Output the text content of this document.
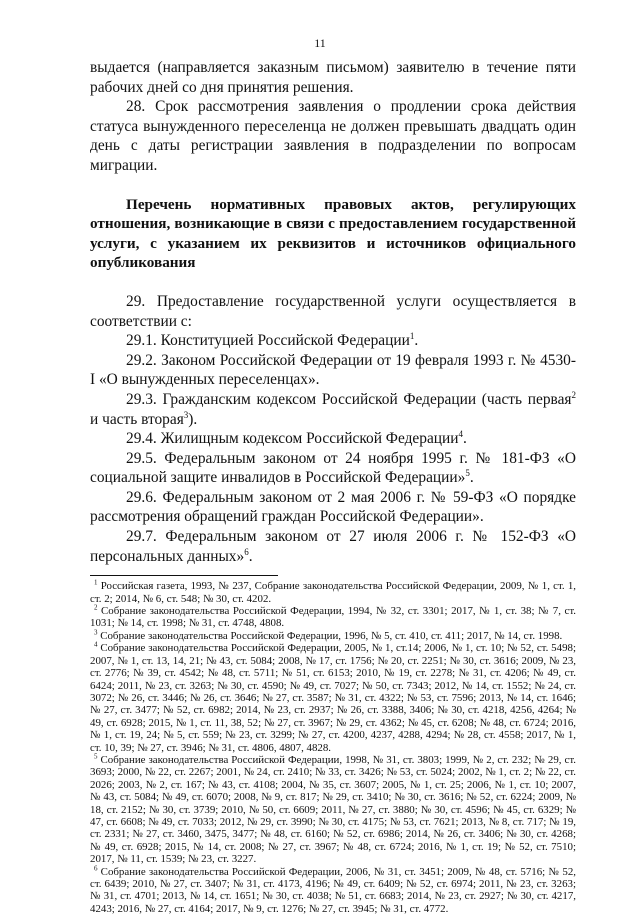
11

выдается (направляется заказным письмом) заявителю в течение пяти рабочих дней со дня принятия решения.

28. Срок рассмотрения заявления о продлении срока действия статуса вынужденного переселенца не должен превышать двадцать один день с даты регистрации заявления в подразделении по вопросам миграции.

Перечень нормативных правовых актов, регулирующих отношения, возникающие в связи с предоставлением государственной услуги, с указанием их реквизитов и источников официального опубликования

29. Предоставление государственной услуги осуществляется в соответствии с:

29.1. Конституцией Российской Федерации$^1$.

29.2. Законом Российской Федерации от 19 февраля 1993 г. № 4530-I «О вынужденных переселенцах».

29.3. Гражданским кодексом Российской Федерации (часть первая$^2$ и часть вторая$^3$).

29.4. Жилищным кодексом Российской Федерации$^4$.

29.5. Федеральным законом от 24 ноября 1995 г. № 181-ФЗ «О социальной защите инвалидов в Российской Федерации»$^5$.

29.6. Федеральным законом от 2 мая 2006 г. № 59-ФЗ «О порядке рассмотрения обращений граждан Российской Федерации».

29.7. Федеральным законом от 27 июля 2006 г. № 152-ФЗ «О персональных данных»$^6$.

$^1$ Российская газета, 1993, № 237, Собрание законодательства Российской Федерации, 2009, № 1, ст. 1, ст. 2; 2014, № 6, ст. 548; № 30, ст. 4202.

$^2$ Собрание законодательства Российской Федерации, 1994, № 32, ст. 3301; 2017, № 1, ст. 38; № 7, ст. 1031; № 14, ст. 1998; № 31, ст. 4748, 4808.

$^3$ Собрание законодательства Российской Федерации, 1996, № 5, ст. 410, ст. 411; 2017, № 14, ст. 1998.

$^4$ Собрание законодательства Российской Федерации, 2005, № 1, ст.14; 2006, № 1, ст. 10; № 52, ст. 5498; 2007, № 1, ст. 13, 14, 21; № 43, ст. 5084; 2008, № 17, ст. 1756; № 20, ст. 2251; № 30, ст. 3616; 2009, № 23, ст. 2776; № 39, ст. 4542; № 48, ст. 5711; № 51, ст. 6153; 2010, № 19, ст. 2278; № 31, ст. 4206; № 49, ст. 6424; 2011, № 23, ст. 3263; № 30, ст. 4590; № 49, ст. 7027; № 50, ст. 7343; 2012, № 14, ст. 1552; № 24, ст. 3072; № 26, ст. 3446; № 26, ст. 3646; № 27, ст. 3587; № 31, ст. 4322; № 53, ст. 7596; 2013, № 14, ст. 1646; № 27, ст. 3477; № 52, ст. 6982; 2014, № 23, ст. 2937; № 26, ст. 3388, 3406; № 30, ст. 4218, 4256, 4264; № 49, ст. 6928; 2015, № 1, ст. 11, 38, 52; № 27, ст. 3967; № 29, ст. 4362; № 45, ст. 6208; № 48, ст. 6724; 2016, № 1, ст. 19, 24; № 5, ст. 559; № 23, ст. 3299; № 27, ст. 4200, 4237, 4288, 4294; № 28, ст. 4558; 2017, № 1, ст. 10, 39; № 27, ст. 3946; № 31, ст. 4806, 4807, 4828.

$^5$ Собрание законодательства Российской Федерации, 1998, № 31, ст. 3803; 1999, № 2, ст. 232; № 29, ст. 3693; 2000, № 22, ст. 2267; 2001, № 24, ст. 2410; № 33, ст. 3426; № 53, ст. 5024; 2002, № 1, ст. 2; № 22, ст. 2026; 2003, № 2, ст. 167; № 43, ст. 4108; 2004, № 35, ст. 3607; 2005, № 1, ст. 25; 2006, № 1, ст. 10; 2007, № 43, ст. 5084; № 49, ст. 6070; 2008, № 9, ст. 817; № 29, ст. 3410; № 30, ст. 3616; № 52, ст. 6224; 2009, № 18, ст. 2152; № 30, ст. 3739; 2010, № 50, ст. 6609; 2011, № 27, ст. 3880; № 30, ст. 4596; № 45, ст. 6329; № 47, ст. 6608; № 49, ст. 7033; 2012, № 29, ст. 3990; № 30, ст. 4175; № 53, ст. 7621; 2013, № 8, ст. 717; № 19, ст. 2331; № 27, ст. 3460, 3475, 3477; № 48, ст. 6160; № 52, ст. 6986; 2014, № 26, ст. 3406; № 30, ст. 4268; № 49, ст. 6928; 2015, № 14, ст. 2008; № 27, ст. 3967; № 48, ст. 6724; 2016, № 1, ст. 19; № 52, ст. 7510; 2017, № 11, ст. 1539; № 23, ст. 3227.

$^6$ Собрание законодательства Российской Федерации, 2006, № 31, ст. 3451; 2009, № 48, ст. 5716; № 52, ст. 6439; 2010, № 27, ст. 3407; № 31, ст. 4173, 4196; № 49, ст. 6409; № 52, ст. 6974; 2011, № 23, ст. 3263; № 31, ст. 4701; 2013, № 14, ст. 1651; № 30, ст. 4038; № 51, ст. 6683; 2014, № 23, ст. 2927; № 30, ст. 4217, 4243; 2016, № 27, ст. 4164; 2017, № 9, ст. 1276; № 27, ст. 3945; № 31, ст. 4772.
